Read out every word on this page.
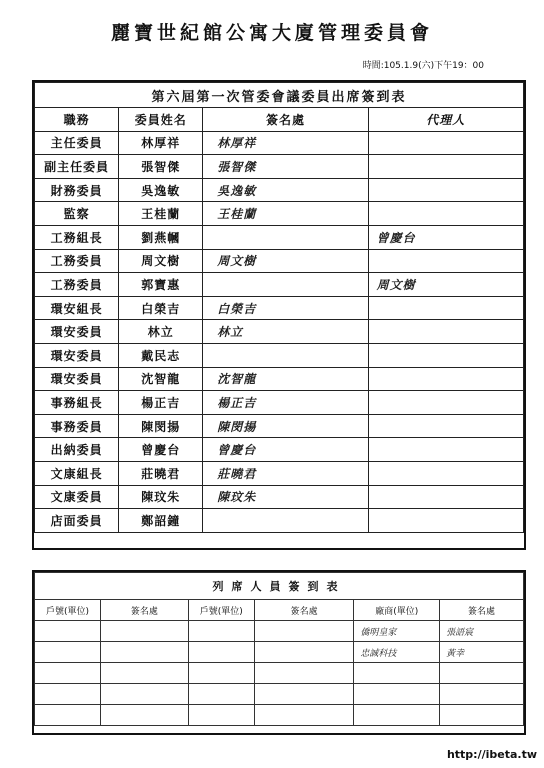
麗寶世紀館公寓大廈管理委員會
時間:105.1.9(六)下午19：00
第六屆第一次管委會議委員出席簽到表			
職務	委員姓名	簽名處	代理人
主任委員	林厚祥	林厚祥	
副主任委員	張智傑	張智傑	
財務委員	吳逸敏	吳逸敏	
監察	王桂蘭	王桂蘭	
工務組長	劉燕幗		曾慶台
工務委員	周文樹	周文樹	
工務委員	郭寶惠		周文樹
環安組長	白榮吉	白榮吉	
環安委員	林立	林立	
環安委員	戴民志		
環安委員	沈智龍	沈智龍	
事務組長	楊正吉	楊正吉	
事務委員	陳閔揚	陳閔揚	
出納委員	曾慶台	曾慶台	
文康組長	莊曉君	莊曉君	
文康委員	陳玟朱	陳玟朱	
店面委員	鄭詔鐘		
列席人員簽到表					
戶號(單位)	簽名處	戶號(單位)	簽名處	廠商(單位)	簽名處
				僑明皇家	張語宸
				忠誠科技	黃幸

http://ibeta.tw
